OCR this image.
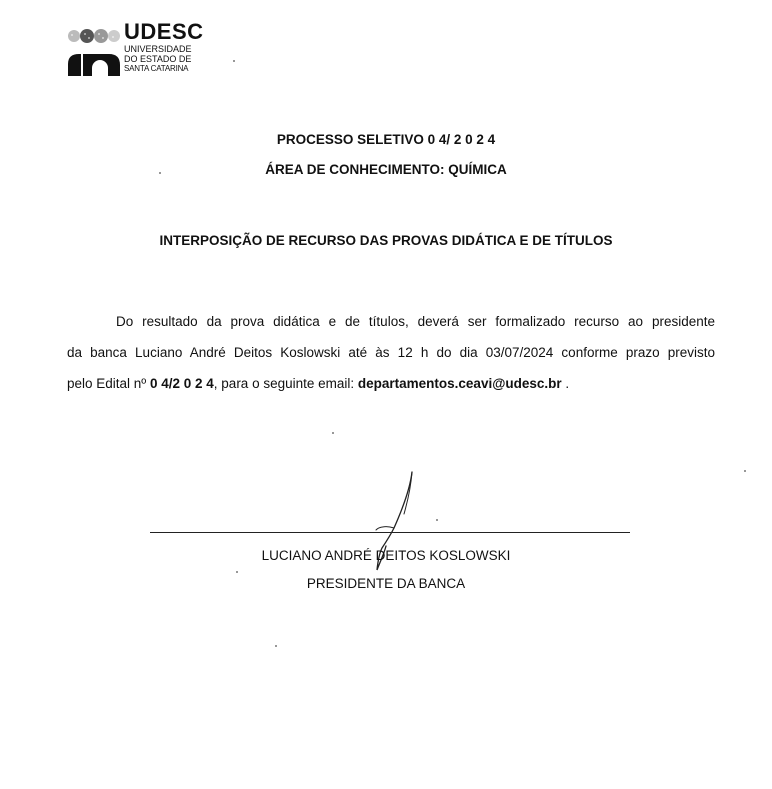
UDESC
UNIVERSIDADE
DO ESTADO DE
SANTA CATARINA
PROCESSO SELETIVO 0 4/ 2 0 2 4
ÁREA DE CONHECIMENTO: QUÍMICA
INTERPOSIÇÃO DE RECURSO DAS PROVAS DIDÁTICA E DE TÍTULOS
Do resultado da prova didática e de títulos, deverá ser formalizado recurso ao presidente
da banca Luciano André Deitos Koslowski até às 12 h do dia 03/07/2024 conforme prazo previsto
pelo Edital nº 0 4/2 0 2 4, para o seguinte email: departamentos.ceavi@udesc.br .
LUCIANO ANDRÉ DEITOS KOSLOWSKI
PRESIDENTE DA BANCA
